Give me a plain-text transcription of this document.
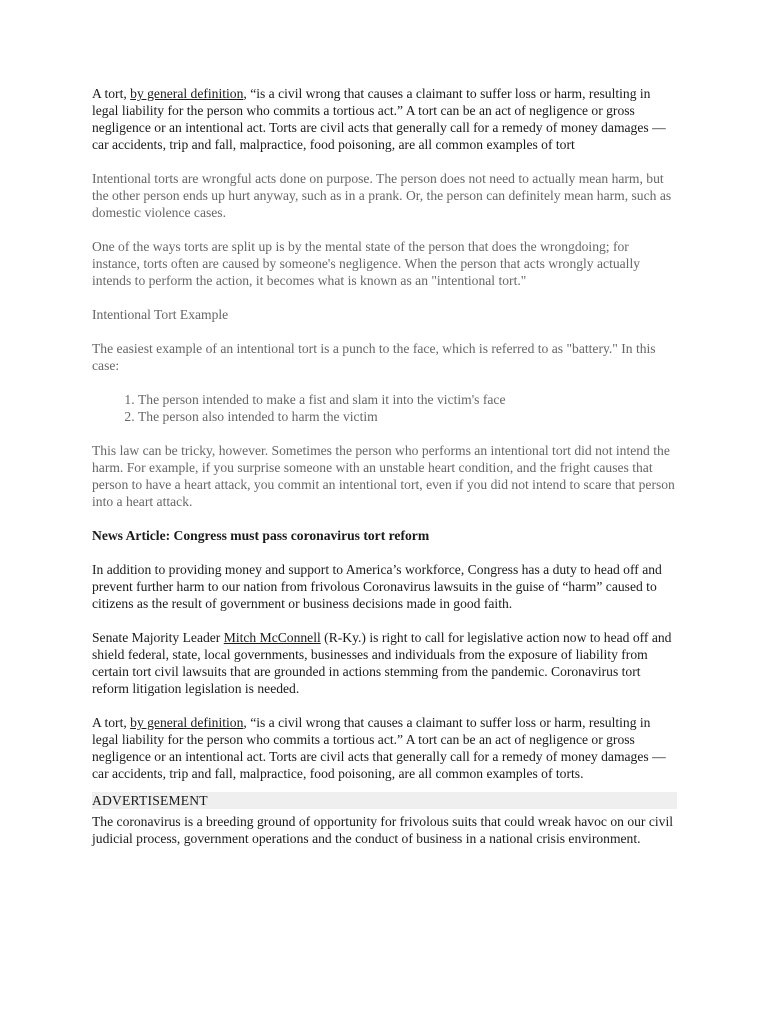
A tort, by general definition, “is a civil wrong that causes a claimant to suffer loss or harm, resulting in legal liability for the person who commits a tortious act.” A tort can be an act of negligence or gross negligence or an intentional act. Torts are civil acts that generally call for a remedy of money damages — car accidents, trip and fall, malpractice, food poisoning, are all common examples of tort

Intentional torts are wrongful acts done on purpose. The person does not need to actually mean harm, but the other person ends up hurt anyway, such as in a prank. Or, the person can definitely mean harm, such as domestic violence cases.

One of the ways torts are split up is by the mental state of the person that does the wrongdoing; for instance, torts often are caused by someone's negligence. When the person that acts wrongly actually intends to perform the action, it becomes what is known as an "intentional tort."

Intentional Tort Example

The easiest example of an intentional tort is a punch to the face, which is referred to as "battery." In this case:

1. The person intended to make a fist and slam it into the victim's face
2. The person also intended to harm the victim

This law can be tricky, however. Sometimes the person who performs an intentional tort did not intend the harm. For example, if you surprise someone with an unstable heart condition, and the fright causes that person to have a heart attack, you commit an intentional tort, even if you did not intend to scare that person into a heart attack.

News Article: Congress must pass coronavirus tort reform

In addition to providing money and support to America’s workforce, Congress has a duty to head off and prevent further harm to our nation from frivolous Coronavirus lawsuits in the guise of “harm” caused to citizens as the result of government or business decisions made in good faith.

Senate Majority Leader Mitch McConnell (R-Ky.) is right to call for legislative action now to head off and shield federal, state, local governments, businesses and individuals from the exposure of liability from certain tort civil lawsuits that are grounded in actions stemming from the pandemic. Coronavirus tort reform litigation legislation is needed.

A tort, by general definition, “is a civil wrong that causes a claimant to suffer loss or harm, resulting in legal liability for the person who commits a tortious act.” A tort can be an act of negligence or gross negligence or an intentional act. Torts are civil acts that generally call for a remedy of money damages — car accidents, trip and fall, malpractice, food poisoning, are all common examples of torts.

ADVERTISEMENT

The coronavirus is a breeding ground of opportunity for frivolous suits that could wreak havoc on our civil judicial process, government operations and the conduct of business in a national crisis environment.
